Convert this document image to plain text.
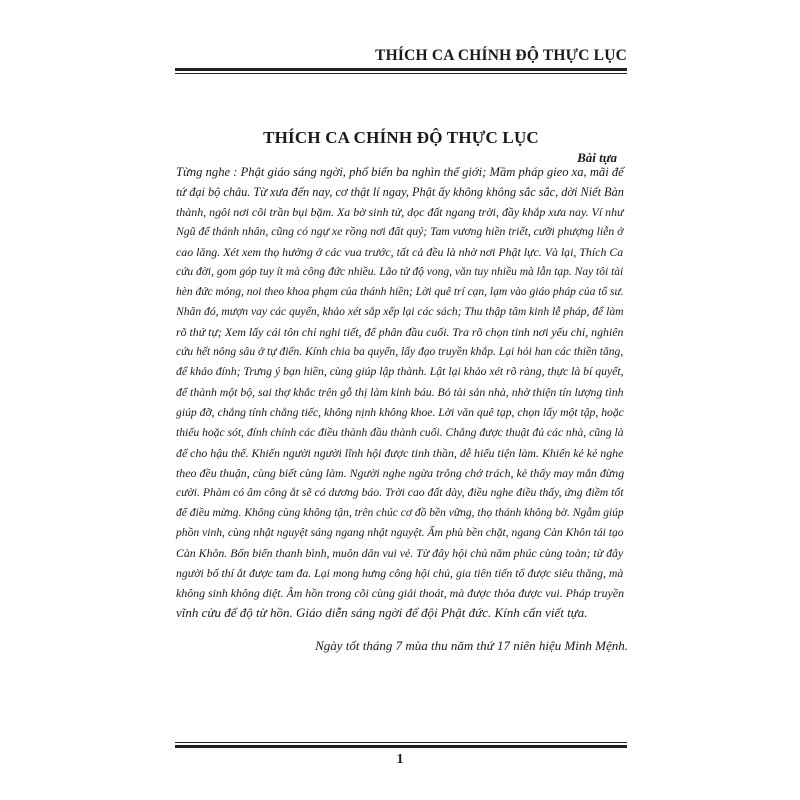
THÍCH CA CHÍNH ĐỘ THỰC LỤC
THÍCH CA CHÍNH ĐỘ THỰC LỤC
Bài tựa
Từng nghe : Phật giáo sáng ngời, phổ biến ba nghìn thế giới; Mầm pháp gieo xa, mãi để
tứ đại bộ châu. Từ xưa đến nay, cơ thật lí ngay, Phật ấy không không sắc sắc, dời Niết Bàn
thành, ngôi nơi cõi trần bụi bặm. Xa bờ sinh tử, dọc đất ngang trời, đầy khắp xưa nay. Ví như
Ngũ đế thánh nhân, cũng có ngự xe rồng nơi đất quý; Tam vương hiền triết, cưỡi phượng liễn ở
cao lăng. Xét xem thọ hưởng ở các vua trước, tất cả đều là nhờ nơi Phật lực. Và lại, Thích Ca
cứu đời, gom góp tuy ít mà công đức nhiều. Lão tử độ vong, văn tuy nhiều mà lẫn tạp. Nay tôi tài
hèn đức mỏng, noi theo khoa phạm của thánh hiền; Lời quê trí cạn, lạm vào giáo pháp của tổ sư.
Nhân đó, mượn vay các quyển, khảo xét sắp xếp lại các sách; Thu thập tâm kinh lễ pháp, để làm
rõ thứ tự; Xem lấy cái tôn chỉ nghi tiết, để phân đầu cuối. Tra rõ chọn tinh nơi yếu chỉ, nghiên
cứu hết nông sâu ở tự điển. Kính chia ba quyển, lấy đạo truyền khắp. Lại hỏi han các thiền tăng,
để khảo đính; Trưng ý bạn hiền, cùng giúp lập thành. Lật lại khảo xét rõ ràng, thực là bí quyết,
để thành một bộ, sai thợ khắc trên gỗ thị làm kinh báu. Bỏ tài sản nhà, nhờ thiện tín lượng tình
giúp đỡ, chẳng tính chẳng tiếc, không nịnh không khoe. Lời văn quê tạp, chọn lấy một tập, hoặc
thiếu hoặc sót, đính chính các điều thành đầu thành cuối. Chẳng được thuật đủ các nhà, cũng là
để cho hậu thế. Khiến người người lĩnh hội được tinh thần, dễ hiểu tiện làm. Khiến kẻ kẻ nghe
theo đều thuận, cùng biết cùng làm. Người nghe ngừa trông chớ trách, kẻ thấy may mắn đừng
cười. Phàm có âm công ắt sẽ có dương báo. Trời cao đất dày, điều nghe điều thấy, ứng điềm tốt
để điều mừng. Không cùng không tận, trên chúc cơ đồ bền vững, thọ thánh không bờ. Ngẫm giúp
phồn vinh, cùng nhật nguyệt sáng ngang nhật nguyệt. Ấm phù bền chặt, ngang Càn Khôn tái tạo
Càn Khôn. Bốn biển thanh bình, muôn dân vui vẻ. Từ đây hội chủ năm phúc cùng toàn; từ đây
người bố thí ắt được tam đa. Lại mong hưng công hội chủ, gia tiên tiến tổ được siêu thăng, mà
không sinh không diệt. Âm hồn trong cõi cùng giải thoát, mà được thỏa được vui. Pháp truyền
vĩnh cửu để độ từ hồn. Giáo diễn sáng ngời để đội Phật đức. Kính cẩn viết tựa.
Ngày tốt tháng 7 mùa thu năm thứ 17 niên hiệu Minh Mệnh.
1
